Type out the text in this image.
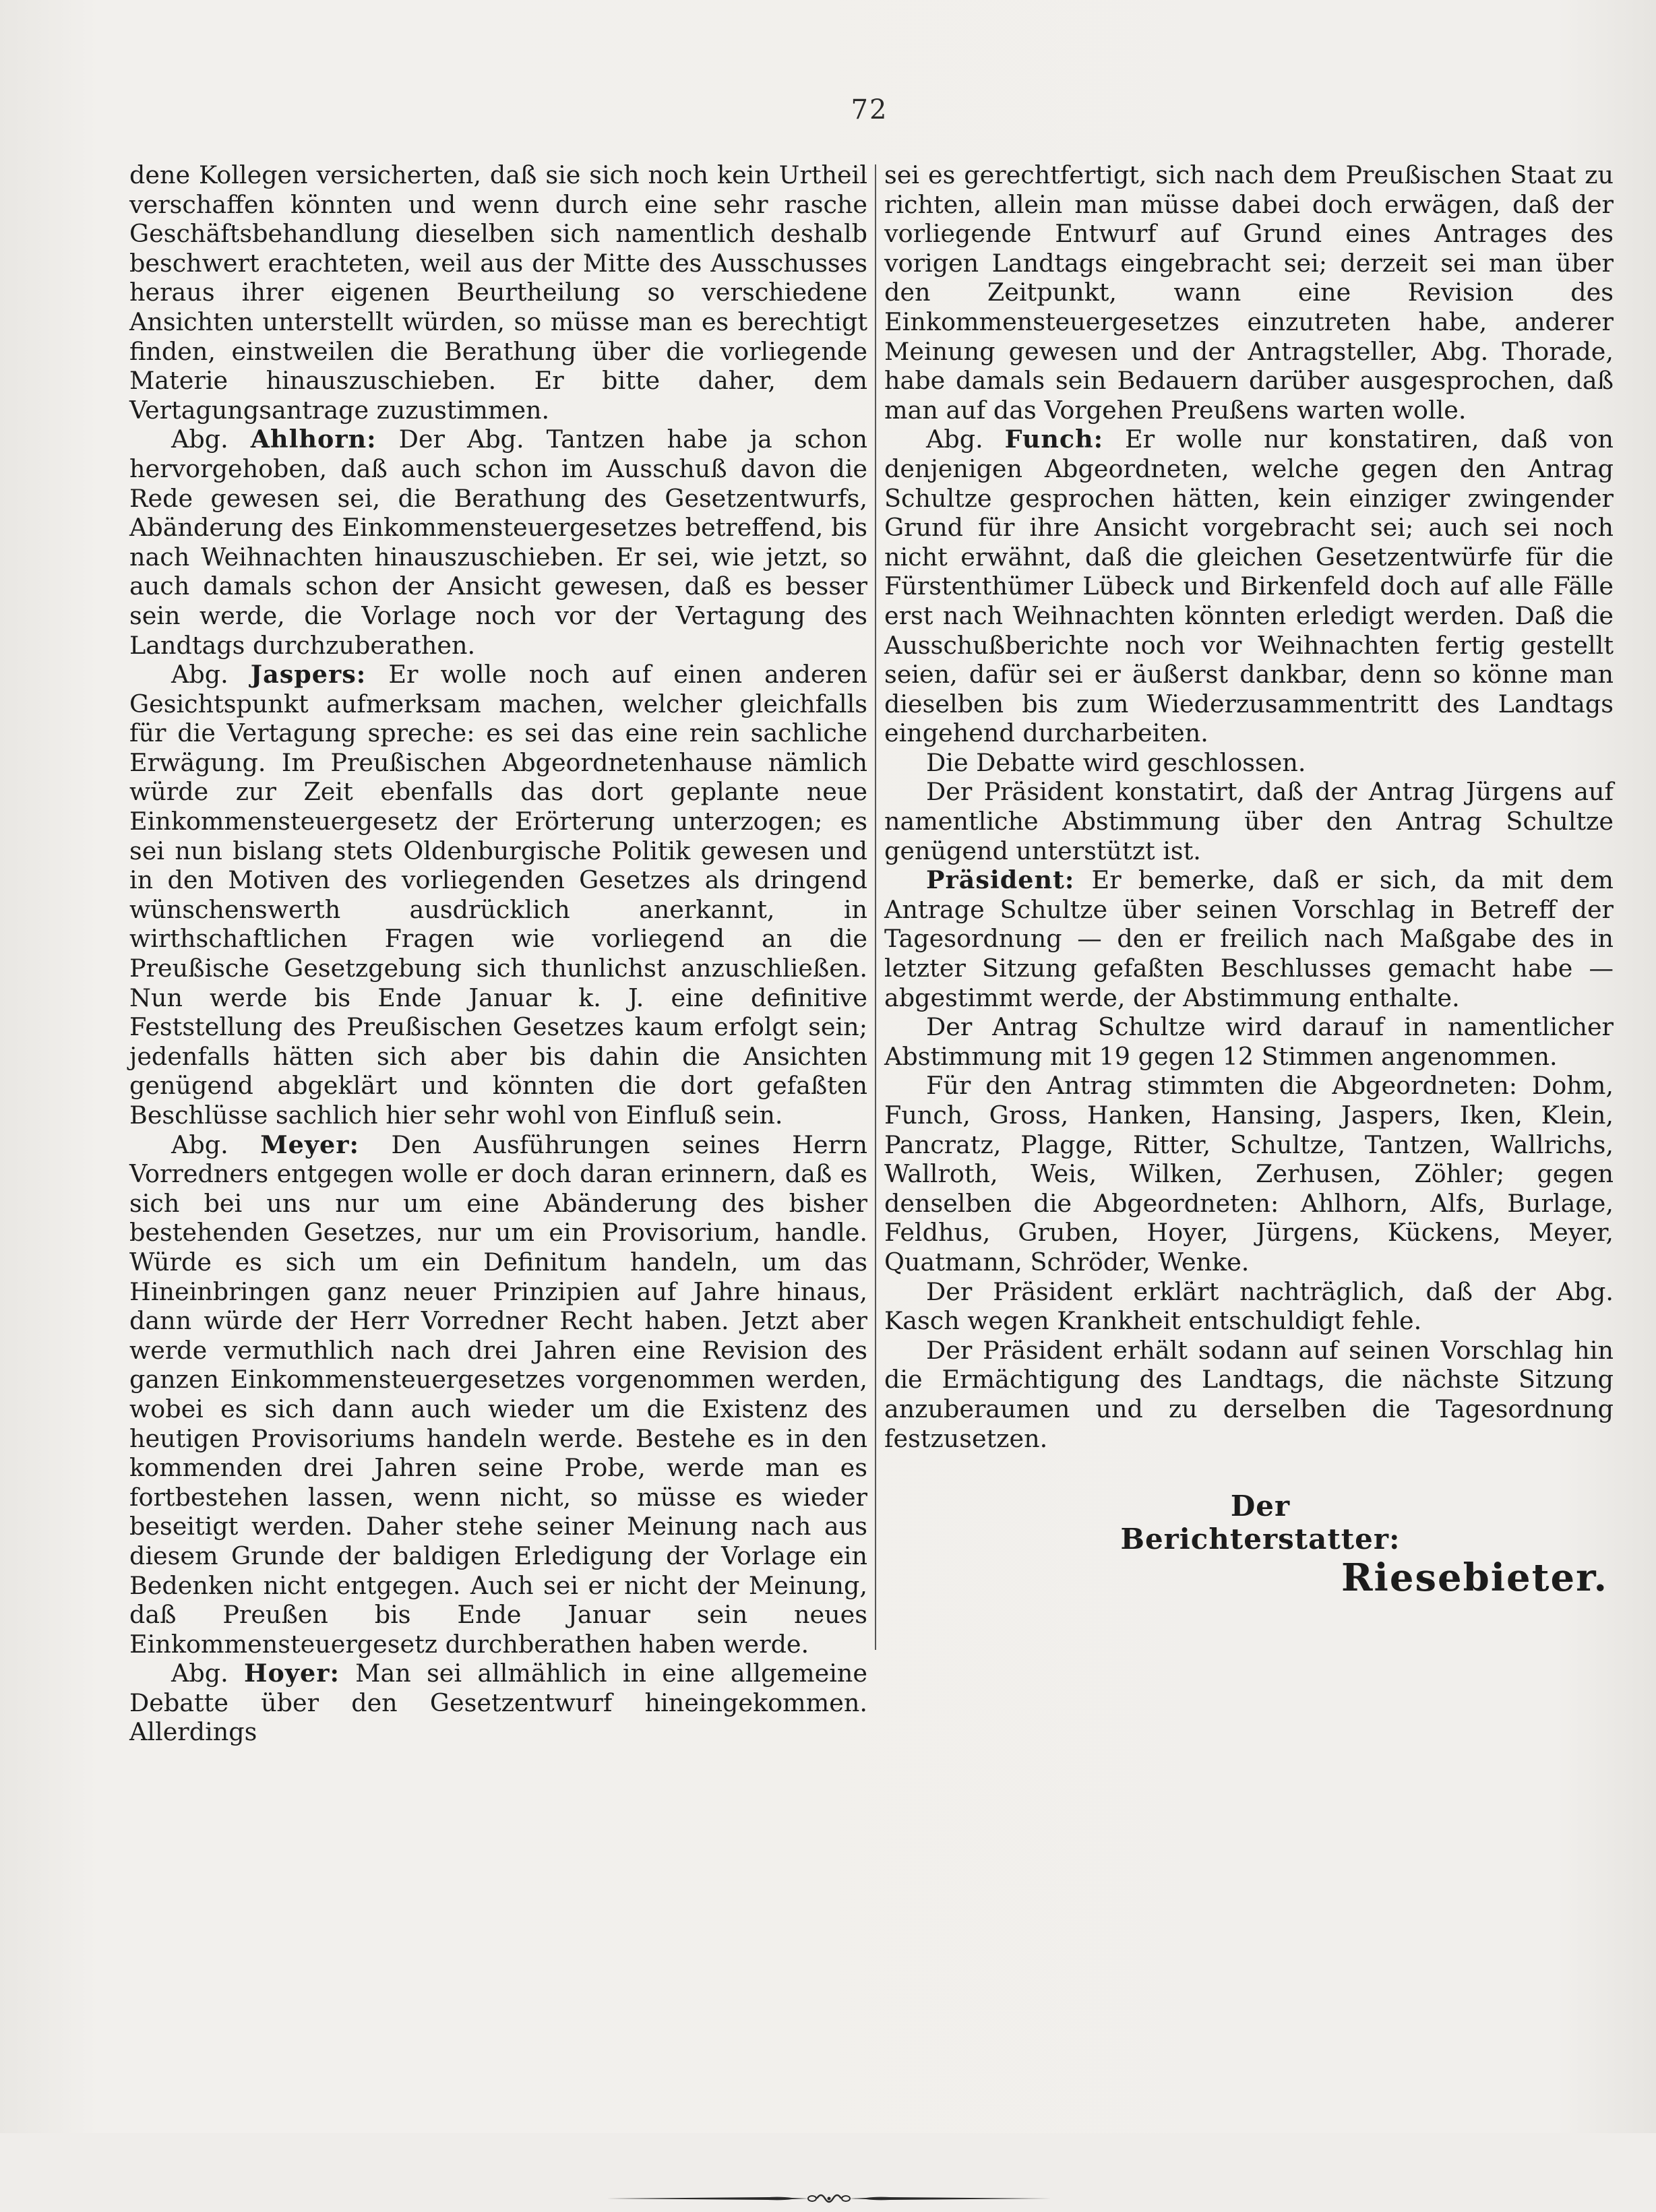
72

dene Kollegen versicherten, daß sie sich noch kein Urtheil verschaffen könnten und wenn durch eine sehr rasche Geschäftsbehandlung dieselben sich namentlich deshalb beschwert erachteten, weil aus der Mitte des Ausschusses heraus ihrer eigenen Beurtheilung so verschiedene Ansichten unterstellt würden, so müsse man es berechtigt finden, einstweilen die Berathung über die vorliegende Materie hinauszuschieben. Er bitte daher, dem Vertagungsantrage zuzustimmen.

Abg. Ahlhorn: Der Abg. Tantzen habe ja schon hervorgehoben, daß auch schon im Ausschuß davon die Rede gewesen sei, die Berathung des Gesetzentwurfs, Abänderung des Einkommensteuergesetzes betreffend, bis nach Weihnachten hinauszuschieben. Er sei, wie jetzt, so auch damals schon der Ansicht gewesen, daß es besser sein werde, die Vorlage noch vor der Vertagung des Landtags durchzuberathen.

Abg. Jaspers: Er wolle noch auf einen anderen Gesichtspunkt aufmerksam machen, welcher gleichfalls für die Vertagung spreche: es sei das eine rein sachliche Erwägung. Im Preußischen Abgeordnetenhause nämlich würde zur Zeit ebenfalls das dort geplante neue Einkommensteuergesetz der Erörterung unterzogen; es sei nun bislang stets Oldenburgische Politik gewesen und in den Motiven des vorliegenden Gesetzes als dringend wünschenswerth ausdrücklich anerkannt, in wirthschaftlichen Fragen wie vorliegend an die Preußische Gesetzgebung sich thunlichst anzuschließen. Nun werde bis Ende Januar k. J. eine definitive Feststellung des Preußischen Gesetzes kaum erfolgt sein; jedenfalls hätten sich aber bis dahin die Ansichten genügend abgeklärt und könnten die dort gefaßten Beschlüsse sachlich hier sehr wohl von Einfluß sein.

Abg. Meyer: Den Ausführungen seines Herrn Vorredners entgegen wolle er doch daran erinnern, daß es sich bei uns nur um eine Abänderung des bisher bestehenden Gesetzes, nur um ein Provisorium, handle. Würde es sich um ein Definitum handeln, um das Hineinbringen ganz neuer Prinzipien auf Jahre hinaus, dann würde der Herr Vorredner Recht haben. Jetzt aber werde vermuthlich nach drei Jahren eine Revision des ganzen Einkommensteuergesetzes vorgenommen werden, wobei es sich dann auch wieder um die Existenz des heutigen Provisoriums handeln werde. Bestehe es in den kommenden drei Jahren seine Probe, werde man es fortbestehen lassen, wenn nicht, so müsse es wieder beseitigt werden. Daher stehe seiner Meinung nach aus diesem Grunde der baldigen Erledigung der Vorlage ein Bedenken nicht entgegen. Auch sei er nicht der Meinung, daß Preußen bis Ende Januar sein neues Einkommensteuergesetz durchberathen haben werde.

Abg. Hoyer: Man sei allmählich in eine allgemeine Debatte über den Gesetzentwurf hineingekommen. Allerdings

sei es gerechtfertigt, sich nach dem Preußischen Staat zu richten, allein man müsse dabei doch erwägen, daß der vorliegende Entwurf auf Grund eines Antrages des vorigen Landtags eingebracht sei; derzeit sei man über den Zeitpunkt, wann eine Revision des Einkommensteuergesetzes einzutreten habe, anderer Meinung gewesen und der Antragsteller, Abg. Thorade, habe damals sein Bedauern darüber ausgesprochen, daß man auf das Vorgehen Preußens warten wolle.

Abg. Funch: Er wolle nur konstatiren, daß von denjenigen Abgeordneten, welche gegen den Antrag Schultze gesprochen hätten, kein einziger zwingender Grund für ihre Ansicht vorgebracht sei; auch sei noch nicht erwähnt, daß die gleichen Gesetzentwürfe für die Fürstenthümer Lübeck und Birkenfeld doch auf alle Fälle erst nach Weihnachten könnten erledigt werden. Daß die Ausschußberichte noch vor Weihnachten fertig gestellt seien, dafür sei er äußerst dankbar, denn so könne man dieselben bis zum Wiederzusammentritt des Landtags eingehend durcharbeiten.

Die Debatte wird geschlossen.

Der Präsident konstatirt, daß der Antrag Jürgens auf namentliche Abstimmung über den Antrag Schultze genügend unterstützt ist.

Präsident: Er bemerke, daß er sich, da mit dem Antrage Schultze über seinen Vorschlag in Betreff der Tagesordnung — den er freilich nach Maßgabe des in letzter Sitzung gefaßten Beschlusses gemacht habe — abgestimmt werde, der Abstimmung enthalte.

Der Antrag Schultze wird darauf in namentlicher Abstimmung mit 19 gegen 12 Stimmen angenommen.

Für den Antrag stimmten die Abgeordneten: Dohm, Funch, Gross, Hanken, Hansing, Jaspers, Iken, Klein, Pancratz, Plagge, Ritter, Schultze, Tantzen, Wallrichs, Wallroth, Weis, Wilken, Zerhusen, Zöhler; gegen denselben die Abgeordneten: Ahlhorn, Alfs, Burlage, Feldhus, Gruben, Hoyer, Jürgens, Kückens, Meyer, Quatmann, Schröder, Wenke.

Der Präsident erklärt nachträglich, daß der Abg. Kasch wegen Krankheit entschuldigt fehle.

Der Präsident erhält sodann auf seinen Vorschlag hin die Ermächtigung des Landtags, die nächste Sitzung anzuberaumen und zu derselben die Tagesordnung festzusetzen.

Der Berichterstatter:
Riesebieter.
